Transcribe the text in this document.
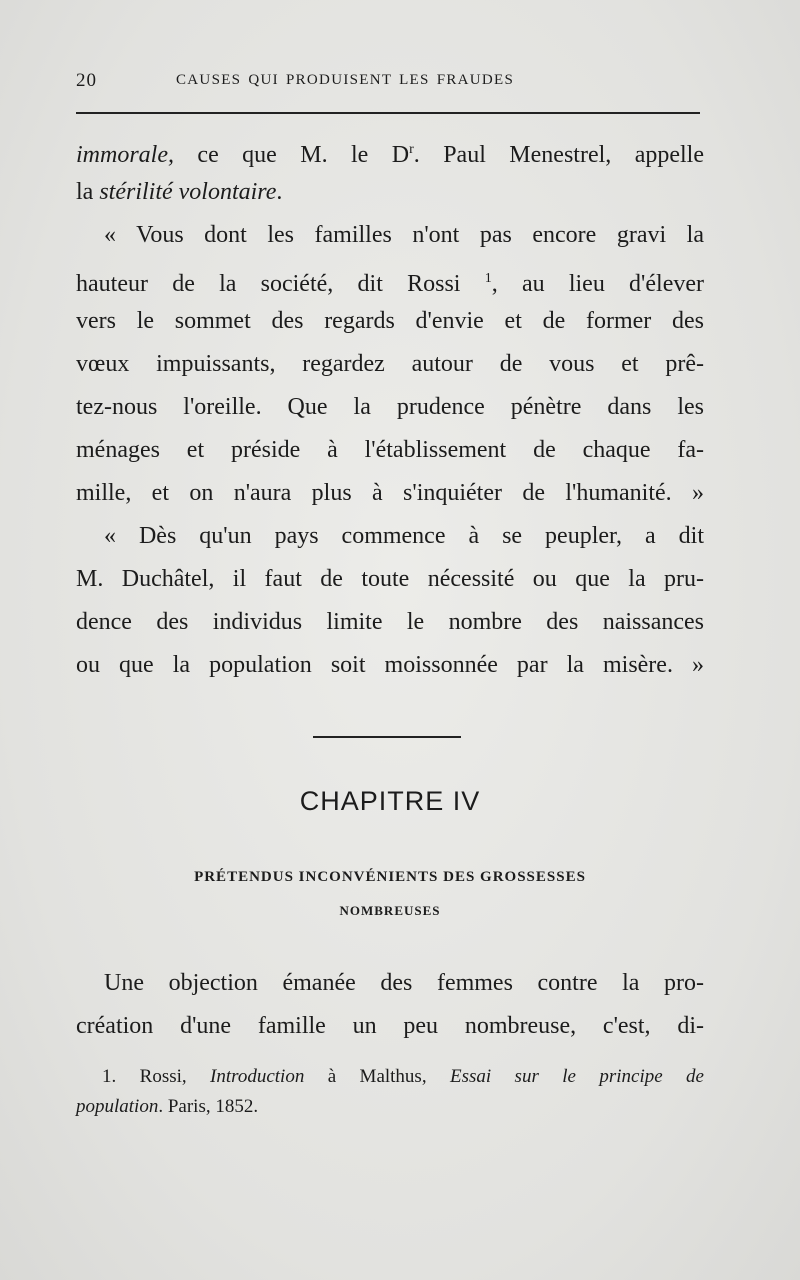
20	CAUSES QUI PRODUISENT LES FRAUDES
immorale, ce que M. le $D^r$. Paul Menestrel, appelle
la stérilité volontaire.
« Vous dont les familles n'ont pas encore gravi la
hauteur de la société, dit Rossi $^1$, au lieu d'élever
vers le sommet des regards d'envie et de former des
vœux impuissants, regardez autour de vous et prê-
tez-nous l'oreille. Que la prudence pénètre dans les
ménages et préside à l'établissement de chaque fa-
mille, et on n'aura plus à s'inquiéter de l'humanité. »
« Dès qu'un pays commence à se peupler, a dit
M. Duchâtel, il faut de toute nécessité ou que la pru-
dence des individus limite le nombre des naissances
ou que la population soit moissonnée par la misère. »
CHAPITRE IV
PRÉTENDUS INCONVÉNIENTS DES GROSSESSES
NOMBREUSES
Une objection émanée des femmes contre la pro-
création d'une famille un peu nombreuse, c'est, di-
1. Rossi, Introduction à Malthus, Essai sur le principe de
population. Paris, 1852.
